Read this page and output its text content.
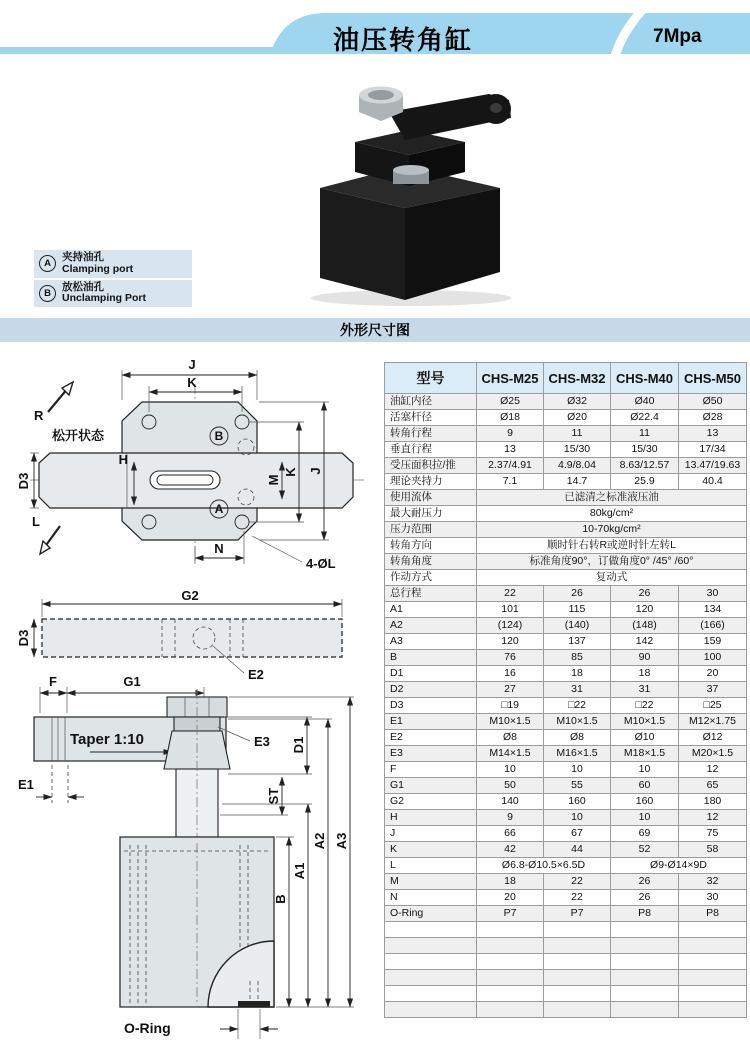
油压转角缸	7Mpa
A
夹持油孔
Clamping port
B
放松油孔
Unclamping Port
外形尺寸图
B
A
J
K
D3
H
M
K J
N
4-ØL
R
L
松开状态

G2
E2
D3
F	G1
Taper 1:10	E3 D1
ST
E1
O-Ring
B
A1
A2 A3
型号	CHS-M25	CHS-M32	CHS-M40	CHS-M50
油缸内径	Ø25	Ø32	Ø40	Ø50
活塞杆径	Ø18	Ø20	Ø22.4	Ø28
转角行程	9	11	11	13
垂直行程	13	15/30	15/30	17/34
受压面积拉/推	2.37/4.91	4.9/8.04	8.63/12.57	13.47/19.63
理论夹持力	7.1	14.7	25.9	40.4
使用流体	已滤清之标准液压油			
最大耐压力	80kg/cm²			
压力范围	10-70kg/cm²			
转角方向	顺时针右转R或逆时针左转L			
转角角度	标准角度90°，订做角度0° /45° /60°			
作动方式	复动式			
总行程	22	26	26	30
A1	101	115	120	134
A2	(124)	(140)	(148)	(166)
A3	120	137	142	159
B	76	85	90	100
D1	16	18	18	20
D2	27	31	31	37
D3	□19	□22	□22	□25
E1	M10×1.5	M10×1.5	M10×1.5	M12×1.75
E2	Ø8	Ø8	Ø10	Ø12
E3	M14×1.5	M16×1.5	M18×1.5	M20×1.5
F	10	10	10	12
G1	50	55	60	65
G2	140	160	160	180
H	9	10	10	12
J	66	67	69	75
K	42	44	52	58
L	Ø6.8-Ø10.5×6.5D		Ø9-Ø14×9D	
M	18	22	26	32
N	20	22	26	30
O-Ring	P7	P7	P8	P8
